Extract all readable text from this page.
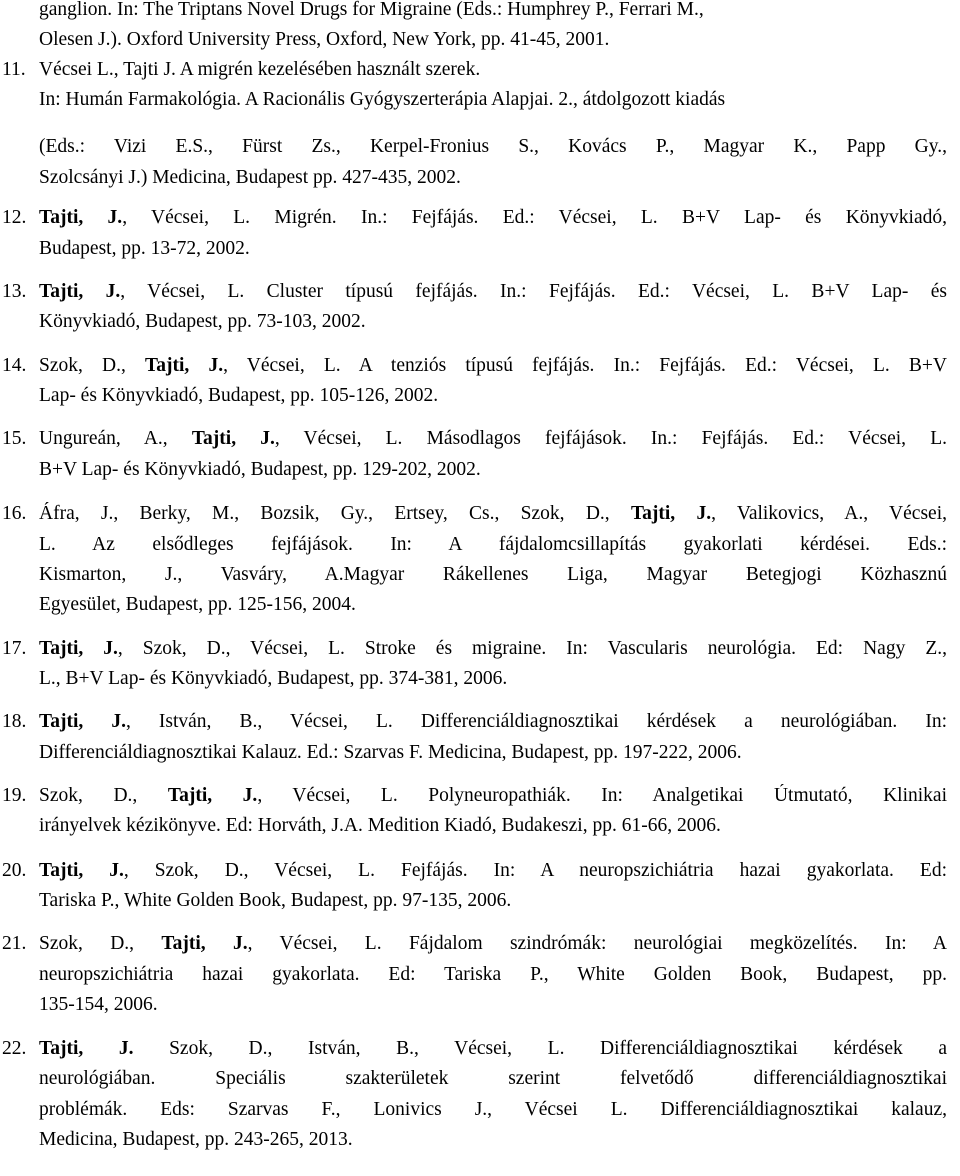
ganglion. In: The Triptans Novel Drugs for Migraine (Eds.: Humphrey P., Ferrari M.,
Olesen J.). Oxford University Press, Oxford, New York, pp. 41-45, 2001.
11. Vécsei L., Tajti J. A migrén kezelésében használt szerek.
In: Humán Farmakológia. A Racionális Gyógyszerterápia Alapjai. 2., átdolgozott kiadás
(Eds.: Vizi E.S., Fürst Zs., Kerpel-Fronius S., Kovács P., Magyar K., Papp Gy.,
Szolcsányi J.) Medicina, Budapest pp. 427-435, 2002.
12. Tajti, J., Vécsei, L. Migrén. In.: Fejfájás. Ed.: Vécsei, L. B+V Lap- és Könyvkiadó,
Budapest, pp. 13-72, 2002.
13. Tajti, J., Vécsei, L. Cluster típusú fejfájás. In.: Fejfájás. Ed.: Vécsei, L. B+V Lap- és
Könyvkiadó, Budapest, pp. 73-103, 2002.
14. Szok, D., Tajti, J., Vécsei, L. A tenziós típusú fejfájás. In.: Fejfájás. Ed.: Vécsei, L. B+V
Lap- és Könyvkiadó, Budapest, pp. 105-126, 2002.
15. Ungureán, A., Tajti, J., Vécsei, L. Másodlagos fejfájások. In.: Fejfájás. Ed.: Vécsei, L.
B+V Lap- és Könyvkiadó, Budapest, pp. 129-202, 2002.
16. Áfra, J., Berky, M., Bozsik, Gy., Ertsey, Cs., Szok, D., Tajti, J., Valikovics, A., Vécsei,
L. Az elsődleges fejfájások. In: A fájdalomcsillapítás gyakorlati kérdései. Eds.:
Kismarton, J., Vasváry, A.Magyar Rákellenes Liga, Magyar Betegjogi Közhasznú
Egyesület, Budapest, pp. 125-156, 2004.
17. Tajti, J., Szok, D., Vécsei, L. Stroke és migraine. In: Vascularis neurológia. Ed: Nagy Z.,
L., B+V Lap- és Könyvkiadó, Budapest, pp. 374-381, 2006.
18. Tajti, J., István, B., Vécsei, L. Differenciáldiagnosztikai kérdések a neurológiában. In:
Differenciáldiagnosztikai Kalauz. Ed.: Szarvas F. Medicina, Budapest, pp. 197-222, 2006.
19. Szok, D., Tajti, J., Vécsei, L. Polyneuropathiák. In: Analgetikai Útmutató, Klinikai
irányelvek kézikönyve. Ed: Horváth, J.A. Medition Kiadó, Budakeszi, pp. 61-66, 2006.
20. Tajti, J., Szok, D., Vécsei, L. Fejfájás. In: A neuropszichiátria hazai gyakorlata. Ed:
Tariska P., White Golden Book, Budapest, pp. 97-135, 2006.
21. Szok, D., Tajti, J., Vécsei, L. Fájdalom szindrómák: neurológiai megközelítés. In: A
neuropszichiátria hazai gyakorlata. Ed: Tariska P., White Golden Book, Budapest, pp.
135-154, 2006.
22. Tajti, J. Szok, D., István, B., Vécsei, L. Differenciáldiagnosztikai kérdések a
neurológiában. Speciális szakterületek szerint felvetődő differenciáldiagnosztikai
problémák. Eds: Szarvas F., Lonivics J., Vécsei L. Differenciáldiagnosztikai kalauz,
Medicina, Budapest, pp. 243-265, 2013.
